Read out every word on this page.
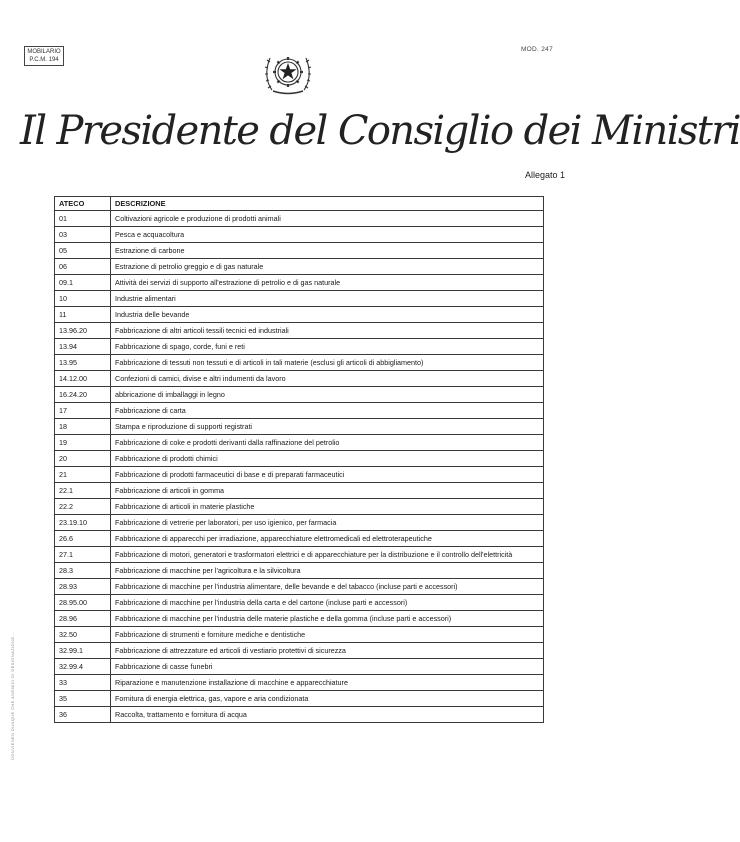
MOBILARIO
P.C.M. 194
MOD. 247
Il Presidente del Consiglio dei Ministri
Allegato 1
CONVIENEN DUNQUE CHE ANEMICI DI DESIGNAZIONE...
ATECO	DESCRIZIONE
01	Coltivazioni agricole e produzione di prodotti animali
03	Pesca e acquacoltura
05	Estrazione di carbone
06	Estrazione di petrolio greggio e di gas naturale
09.1	Attività dei servizi di supporto all'estrazione di petrolio e di gas naturale
10	Industrie alimentari
11	Industria delle bevande
13.96.20	Fabbricazione di altri articoli tessili tecnici ed industriali
13.94	Fabbricazione di spago, corde, funi e reti
13.95	Fabbricazione di tessuti non tessuti e di articoli in tali materie (esclusi gli articoli di abbigliamento)
14.12.00	Confezioni di camici, divise e altri indumenti da lavoro
16.24.20	abbricazione di imballaggi in legno
17	Fabbricazione di carta
18	Stampa e riproduzione di supporti registrati
19	Fabbricazione di coke e prodotti derivanti dalla raffinazione del petrolio
20	Fabbricazione di prodotti chimici
21	Fabbricazione di prodotti farmaceutici di base e di preparati farmaceutici
22.1	Fabbricazione di articoli in gomma
22.2	Fabbricazione di articoli in materie plastiche
23.19.10	Fabbricazione di vetrerie per laboratori, per uso igienico, per farmacia
26.6	Fabbricazione di apparecchi per irradiazione, apparecchiature elettromedicali ed elettroterapeutiche
27.1	Fabbricazione di motori, generatori e trasformatori elettrici e di apparecchiature per la distribuzione e il controllo dell'elettricità
28.3	Fabbricazione di macchine per l'agricoltura e la silvicoltura
28.93	Fabbricazione di macchine per l'industria alimentare, delle bevande e del tabacco (incluse parti e accessori)
28.95.00	Fabbricazione di macchine per l'industria della carta e del cartone (incluse parti e accessori)
28.96	Fabbricazione di macchine per l'industria delle materie plastiche e della gomma (incluse parti e accessori)
32.50	Fabbricazione di strumenti e forniture mediche e dentistiche
32.99.1	Fabbricazione di attrezzature ed articoli di vestiario protettivi di sicurezza
32.99.4	Fabbricazione di casse funebri
33	Riparazione e manutenzione installazione di macchine e apparecchiature
35	Fornitura di energia elettrica, gas, vapore e aria condizionata
36	Raccolta, trattamento e fornitura di acqua
